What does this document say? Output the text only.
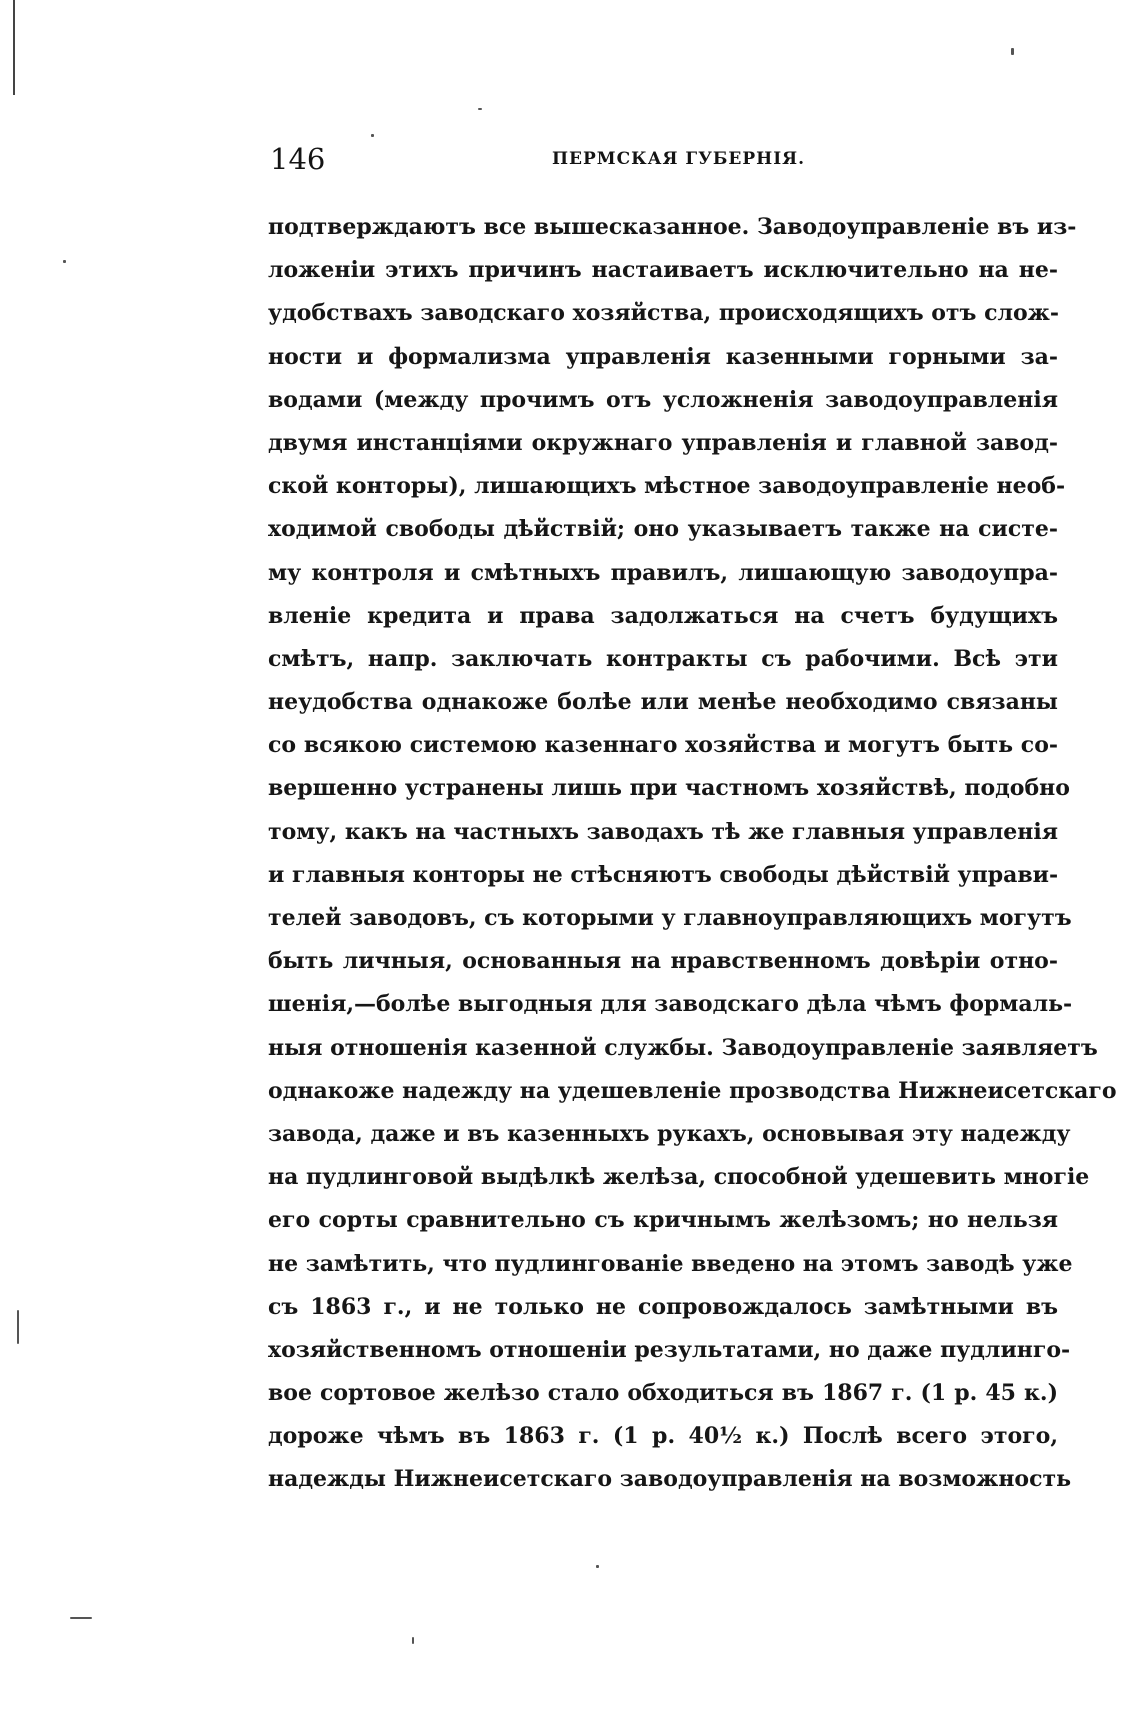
146	ПЕРМСКАЯ ГУБЕРНІЯ.
подтверждаютъ все вышесказанное. Заводоуправленіе въ из-
ложеніи этихъ причинъ настаиваетъ исключительно на не-
удобствахъ заводскаго хозяйства, происходящихъ отъ слож-
ности и формализма управленія казенными горными за-
водами (между прочимъ отъ усложненія заводоуправленія
двумя инстанціями окружнаго управленія и главной завод-
ской конторы), лишающихъ мѣстное заводоуправленіе необ-
ходимой свободы дѣйствій; оно указываетъ также на систе-
му контроля и смѣтныхъ правилъ, лишающую заводоупра-
вленіе кредита и права задолжаться на счетъ будущихъ
смѣтъ, напр. заключать контракты съ рабочими. Всѣ эти
неудобства однакоже болѣе или менѣе необходимо связаны
со всякою системою казеннаго хозяйства и могутъ быть со-
вершенно устранены лишь при частномъ хозяйствѣ, подобно
тому, какъ на частныхъ заводахъ тѣ же главныя управленія
и главныя конторы не стѣсняютъ свободы дѣйствій управи-
телей заводовъ, съ которыми у главноуправляющихъ могутъ
быть личныя, основанныя на нравственномъ довѣріи отно-
шенія,—болѣе выгодныя для заводскаго дѣла чѣмъ формаль-
ныя отношенія казенной службы. Заводоуправленіе заявляетъ
однакоже надежду на удешевленіе прозводства Нижнеисетскаго
завода, даже и въ казенныхъ рукахъ, основывая эту надежду
на пудлинговой выдѣлкѣ желѣза, способной удешевить многіе
его сорты сравнительно съ кричнымъ желѣзомъ; но нельзя
не замѣтить, что пудлингованіе введено на этомъ заводѣ уже
съ 1863 г., и не только не сопровождалось замѣтными въ
хозяйственномъ отношеніи результатами, но даже пудлинго-
вое сортовое желѣзо стало обходиться въ 1867 г. (1 р. 45 к.)
дороже чѣмъ въ 1863 г. (1 р. 40½ к.) Послѣ всего этого,
надежды Нижнеисетскаго заводоуправленія на возможность
